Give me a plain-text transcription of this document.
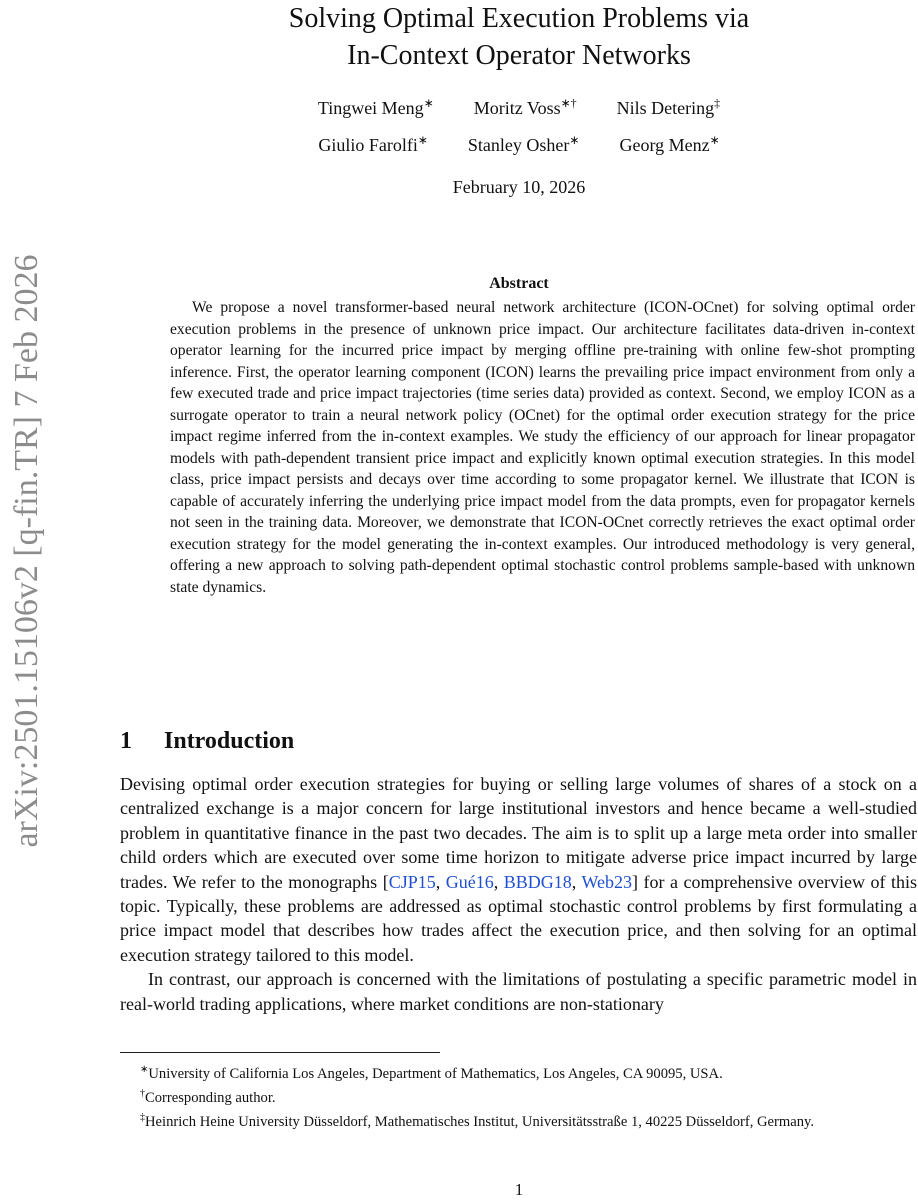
arXiv:2501.15106v2 [q-fin.TR] 7 Feb 2026
Solving Optimal Execution Problems via
In-Context Operator Networks
Tingwei Meng∗ Moritz Voss∗† Nils Detering‡
Giulio Farolfi∗ Stanley Osher∗ Georg Menz∗
February 10, 2026
Abstract

We propose a novel transformer-based neural network architecture (ICON-OCnet) for solving optimal order execution problems in the presence of unknown price impact. Our architecture facilitates data-driven in-context operator learning for the incurred price impact by merging offline pre-training with online few-shot prompting inference. First, the operator learning component (ICON) learns the prevailing price impact environment from only a few executed trade and price impact trajectories (time series data) provided as context. Second, we employ ICON as a surrogate operator to train a neural network policy (OCnet) for the optimal order execution strategy for the price impact regime inferred from the in-context examples. We study the efficiency of our approach for linear propagator models with path-dependent transient price impact and explicitly known optimal execution strategies. In this model class, price impact persists and decays over time according to some propagator kernel. We illustrate that ICON is capable of accurately inferring the underlying price impact model from the data prompts, even for propagator kernels not seen in the training data. Moreover, we demonstrate that ICON-OCnet correctly retrieves the exact optimal order execution strategy for the model generating the in-context examples. Our introduced methodology is very general, offering a new approach to solving path-dependent optimal stochastic control problems sample-based with unknown state dynamics.

1 Introduction

Devising optimal order execution strategies for buying or selling large volumes of shares of a stock on a centralized exchange is a major concern for large institutional investors and hence became a well-studied problem in quantitative finance in the past two decades. The aim is to split up a large meta order into smaller child orders which are executed over some time horizon to mitigate adverse price impact incurred by large trades. We refer to the monographs [CJP15, Gué16, BBDG18, Web23] for a comprehensive overview of this topic. Typically, these problems are addressed as optimal stochastic control problems by first formulating a price impact model that describes how trades affect the execution price, and then solving for an optimal execution strategy tailored to this model.

In contrast, our approach is concerned with the limitations of postulating a specific parametric model in real-world trading applications, where market conditions are non-stationary

∗University of California Los Angeles, Department of Mathematics, Los Angeles, CA 90095, USA.
†Corresponding author.
‡Heinrich Heine University Düsseldorf, Mathematisches Institut, Universitätsstraße 1, 40225 Düsseldorf, Germany.
1
